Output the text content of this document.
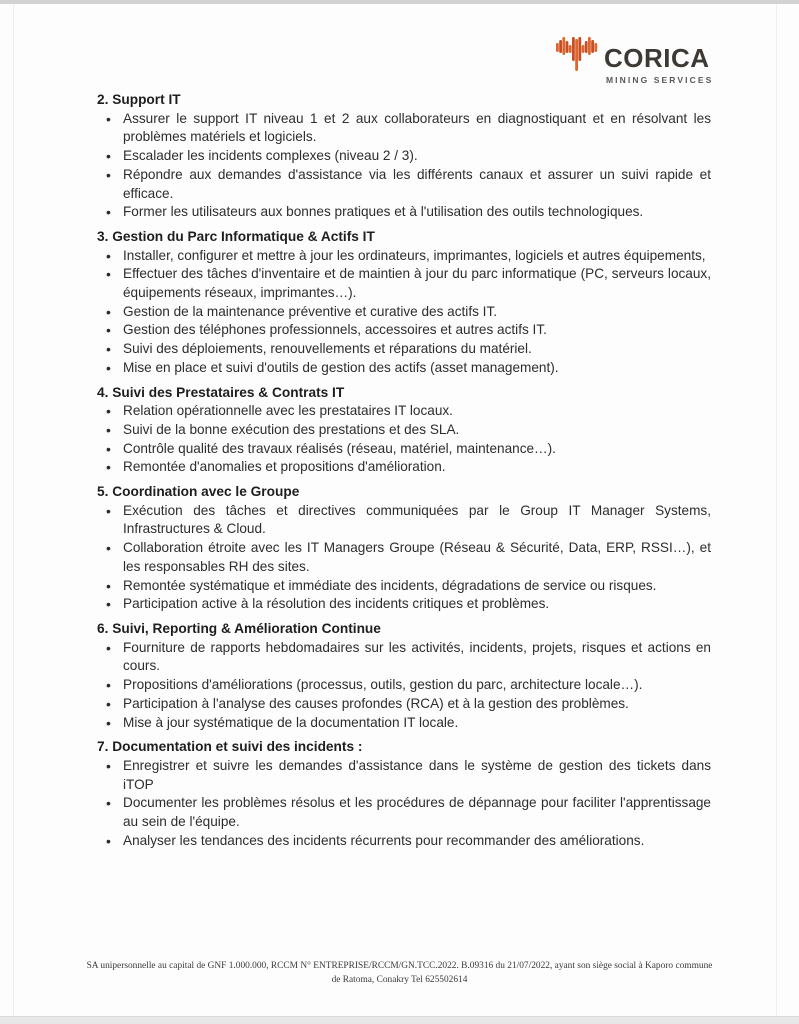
CORICA
MINING SERVICES
2. Support IT
• Assurer le support IT niveau 1 et 2 aux collaborateurs en diagnostiquant et en résolvant les problèmes matériels et logiciels.
• Escalader les incidents complexes (niveau 2 / 3).
• Répondre aux demandes d'assistance via les différents canaux et assurer un suivi rapide et efficace.
• Former les utilisateurs aux bonnes pratiques et à l'utilisation des outils technologiques.
3. Gestion du Parc Informatique & Actifs IT
• Installer, configurer et mettre à jour les ordinateurs, imprimantes, logiciels et autres équipements,
• Effectuer des tâches d'inventaire et de maintien à jour du parc informatique (PC, serveurs locaux, équipements réseaux, imprimantes…).
• Gestion de la maintenance préventive et curative des actifs IT.
• Gestion des téléphones professionnels, accessoires et autres actifs IT.
• Suivi des déploiements, renouvellements et réparations du matériel.
• Mise en place et suivi d'outils de gestion des actifs (asset management).
4. Suivi des Prestataires & Contrats IT
• Relation opérationnelle avec les prestataires IT locaux.
• Suivi de la bonne exécution des prestations et des SLA.
• Contrôle qualité des travaux réalisés (réseau, matériel, maintenance…).
• Remontée d'anomalies et propositions d'amélioration.
5. Coordination avec le Groupe
• Exécution des tâches et directives communiquées par le Group IT Manager Systems, Infrastructures & Cloud.
• Collaboration étroite avec les IT Managers Groupe (Réseau & Sécurité, Data, ERP, RSSI…), et les responsables RH des sites.
• Remontée systématique et immédiate des incidents, dégradations de service ou risques.
• Participation active à la résolution des incidents critiques et problèmes.
6. Suivi, Reporting & Amélioration Continue
• Fourniture de rapports hebdomadaires sur les activités, incidents, projets, risques et actions en cours.
• Propositions d'améliorations (processus, outils, gestion du parc, architecture locale…).
• Participation à l'analyse des causes profondes (RCA) et à la gestion des problèmes.
• Mise à jour systématique de la documentation IT locale.
7. Documentation et suivi des incidents :
• Enregistrer et suivre les demandes d'assistance dans le système de gestion des tickets dans iTOP
• Documenter les problèmes résolus et les procédures de dépannage pour faciliter l'apprentissage au sein de l'équipe.
• Analyser les tendances des incidents récurrents pour recommander des améliorations.
SA unipersonnelle au capital de GNF 1.000.000, RCCM N° ENTREPRISE/RCCM/GN.TCC.2022. B.09316 du 21/07/2022, ayant son siège social à Kaporo commune
de Ratoma, Conakry Tel 625502614
